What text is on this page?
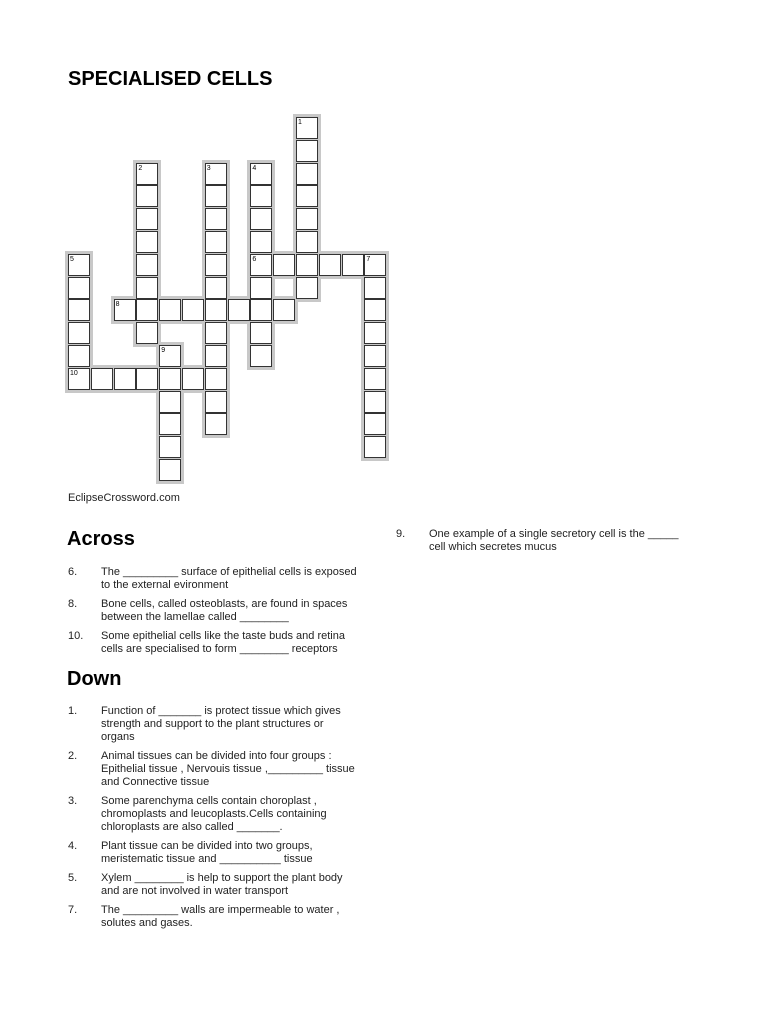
SPECIALISED CELLS
1
2	3	4
5	6	7
8
9
10
EclipseCrossword.com
Across
6.	The _________ surface of epithelial cells is exposed to the external evironment
8.	Bone cells, called osteoblasts, are found in spaces between the lamellae called ________
10.	Some epithelial cells like the taste buds and retina cells are specialised to form ________ receptors
Down
1.	Function of _______ is protect tissue which gives strength and support to the plant structures or organs
2.	Animal tissues can be divided into four groups : Epithelial tissue , Nervouis tissue ,_________ tissue and Connective tissue
3.	Some parenchyma cells contain choroplast , chromoplasts and leucoplasts.Cells containing chloroplasts are also called _______.
4.	Plant tissue can be divided into two groups, meristematic tissue and __________ tissue
5.	Xylem ________ is help to support the plant body and are not involved in water transport
7.	The _________ walls are impermeable to water , solutes and gases.
9.	One example of a single secretory cell is the _____ cell which secretes mucus
